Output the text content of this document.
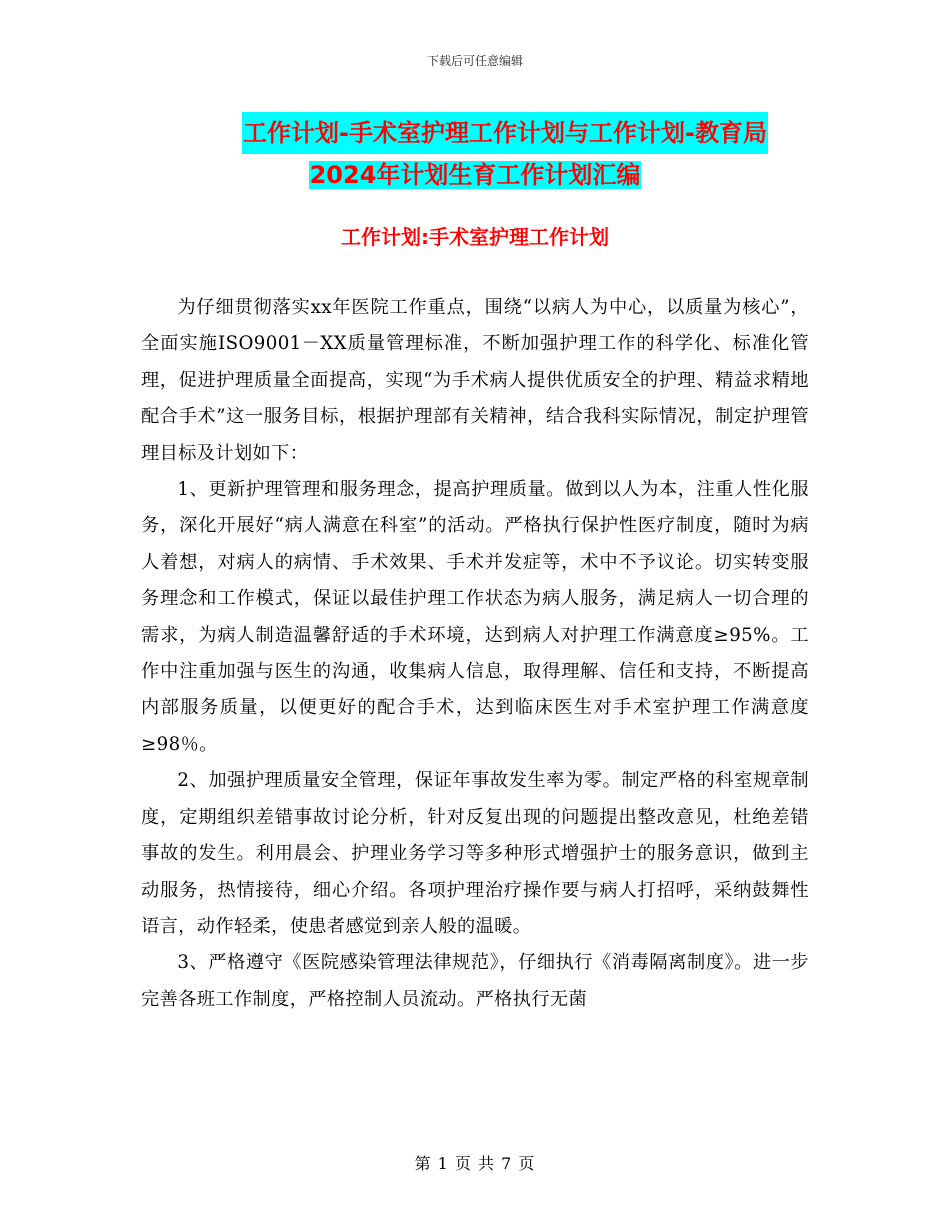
下载后可任意编辑
工作计划-手术室护理工作计划与工作计划-教育局
2024年计划生育工作计划汇编
工作计划:手术室护理工作计划

为仔细贯彻落实xx年医院工作重点，围绕“以病人为中心，以质量为核心”，全面实施ISO9001－XX质量管理标准，不断加强护理工作的科学化、标准化管理，促进护理质量全面提高，实现“为手术病人提供优质安全的护理、精益求精地配合手术”这一服务目标，根据护理部有关精神，结合我科实际情况，制定护理管理目标及计划如下：

1、更新护理管理和服务理念，提高护理质量。做到以人为本，注重人性化服务，深化开展好“病人满意在科室”的活动。严格执行保护性医疗制度，随时为病人着想，对病人的病情、手术效果、手术并发症等，术中不予议论。切实转变服务理念和工作模式，保证以最佳护理工作状态为病人服务，满足病人一切合理的需求，为病人制造温馨舒适的手术环境，达到病人对护理工作满意度≥95%。工作中注重加强与医生的沟通，收集病人信息，取得理解、信任和支持，不断提高内部服务质量，以便更好的配合手术，达到临床医生对手术室护理工作满意度≥98％。

2、加强护理质量安全管理，保证年事故发生率为零。制定严格的科室规章制度，定期组织差错事故讨论分析，针对反复出现的问题提出整改意见，杜绝差错事故的发生。利用晨会、护理业务学习等多种形式增强护士的服务意识，做到主动服务，热情接待，细心介绍。各项护理治疗操作要与病人打招呼，采纳鼓舞性语言，动作轻柔，使患者感觉到亲人般的温暖。

3、严格遵守《医院感染管理法律规范》，仔细执行《消毒隔离制度》。进一步完善各班工作制度，严格控制人员流动。严格执行无菌

第 1 页 共 7 页
